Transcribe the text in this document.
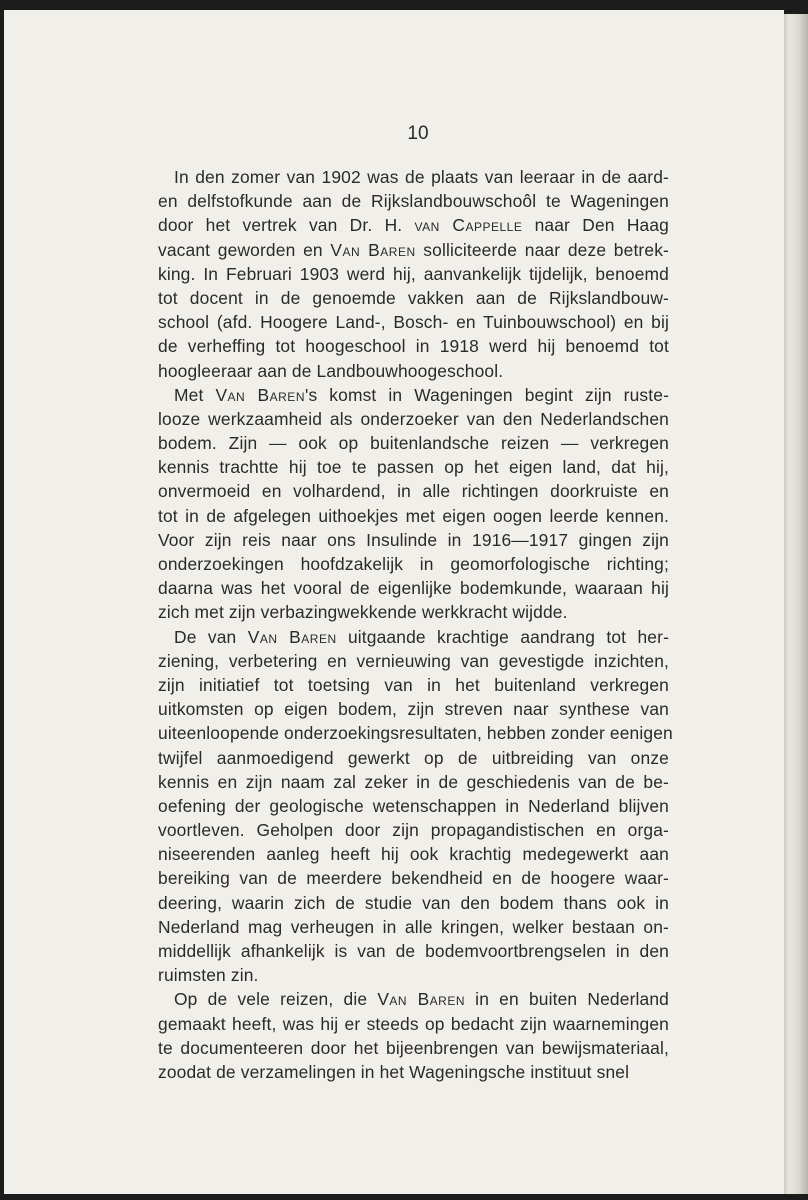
10
In den zomer van 1902 was de plaats van leeraar in de aard-
en delfstofkunde aan de Rijkslandbouwschoôl te Wageningen
door het vertrek van Dr. H. van Cappelle naar Den Haag
vacant geworden en Van Baren solliciteerde naar deze betrek-
king. In Februari 1903 werd hij, aanvankelijk tijdelijk, benoemd
tot docent in de genoemde vakken aan de Rijkslandbouw-
school (afd. Hoogere Land-, Bosch- en Tuinbouwschool) en bij
de verheffing tot hoogeschool in 1918 werd hij benoemd tot
hoogleeraar aan de Landbouwhoogeschool.
Met Van Baren's komst in Wageningen begint zijn ruste-
looze werkzaamheid als onderzoeker van den Nederlandschen
bodem. Zijn — ook op buitenlandsche reizen — verkregen
kennis trachtte hij toe te passen op het eigen land, dat hij,
onvermoeid en volhardend, in alle richtingen doorkruiste en
tot in de afgelegen uithoekjes met eigen oogen leerde kennen.
Voor zijn reis naar ons Insulinde in 1916—1917 gingen zijn
onderzoekingen hoofdzakelijk in geomorfologische richting;
daarna was het vooral de eigenlijke bodemkunde, waaraan hij
zich met zijn verbazingwekkende werkkracht wijdde.
De van Van Baren uitgaande krachtige aandrang tot her-
ziening, verbetering en vernieuwing van gevestigde inzichten,
zijn initiatief tot toetsing van in het buitenland verkregen
uitkomsten op eigen bodem, zijn streven naar synthese van
uiteenloopende onderzoekingsresultaten, hebben zonder eenigen
twijfel aanmoedigend gewerkt op de uitbreiding van onze
kennis en zijn naam zal zeker in de geschiedenis van de be-
oefening der geologische wetenschappen in Nederland blijven
voortleven. Geholpen door zijn propagandistischen en orga-
niseerenden aanleg heeft hij ook krachtig medegewerkt aan
bereiking van de meerdere bekendheid en de hoogere waar-
deering, waarin zich de studie van den bodem thans ook in
Nederland mag verheugen in alle kringen, welker bestaan on-
middellijk afhankelijk is van de bodemvoortbrengselen in den
ruimsten zin.
Op de vele reizen, die Van Baren in en buiten Nederland
gemaakt heeft, was hij er steeds op bedacht zijn waarnemingen
te documenteeren door het bijeenbrengen van bewijsmateriaal,
zoodat de verzamelingen in het Wageningsche instituut snel
